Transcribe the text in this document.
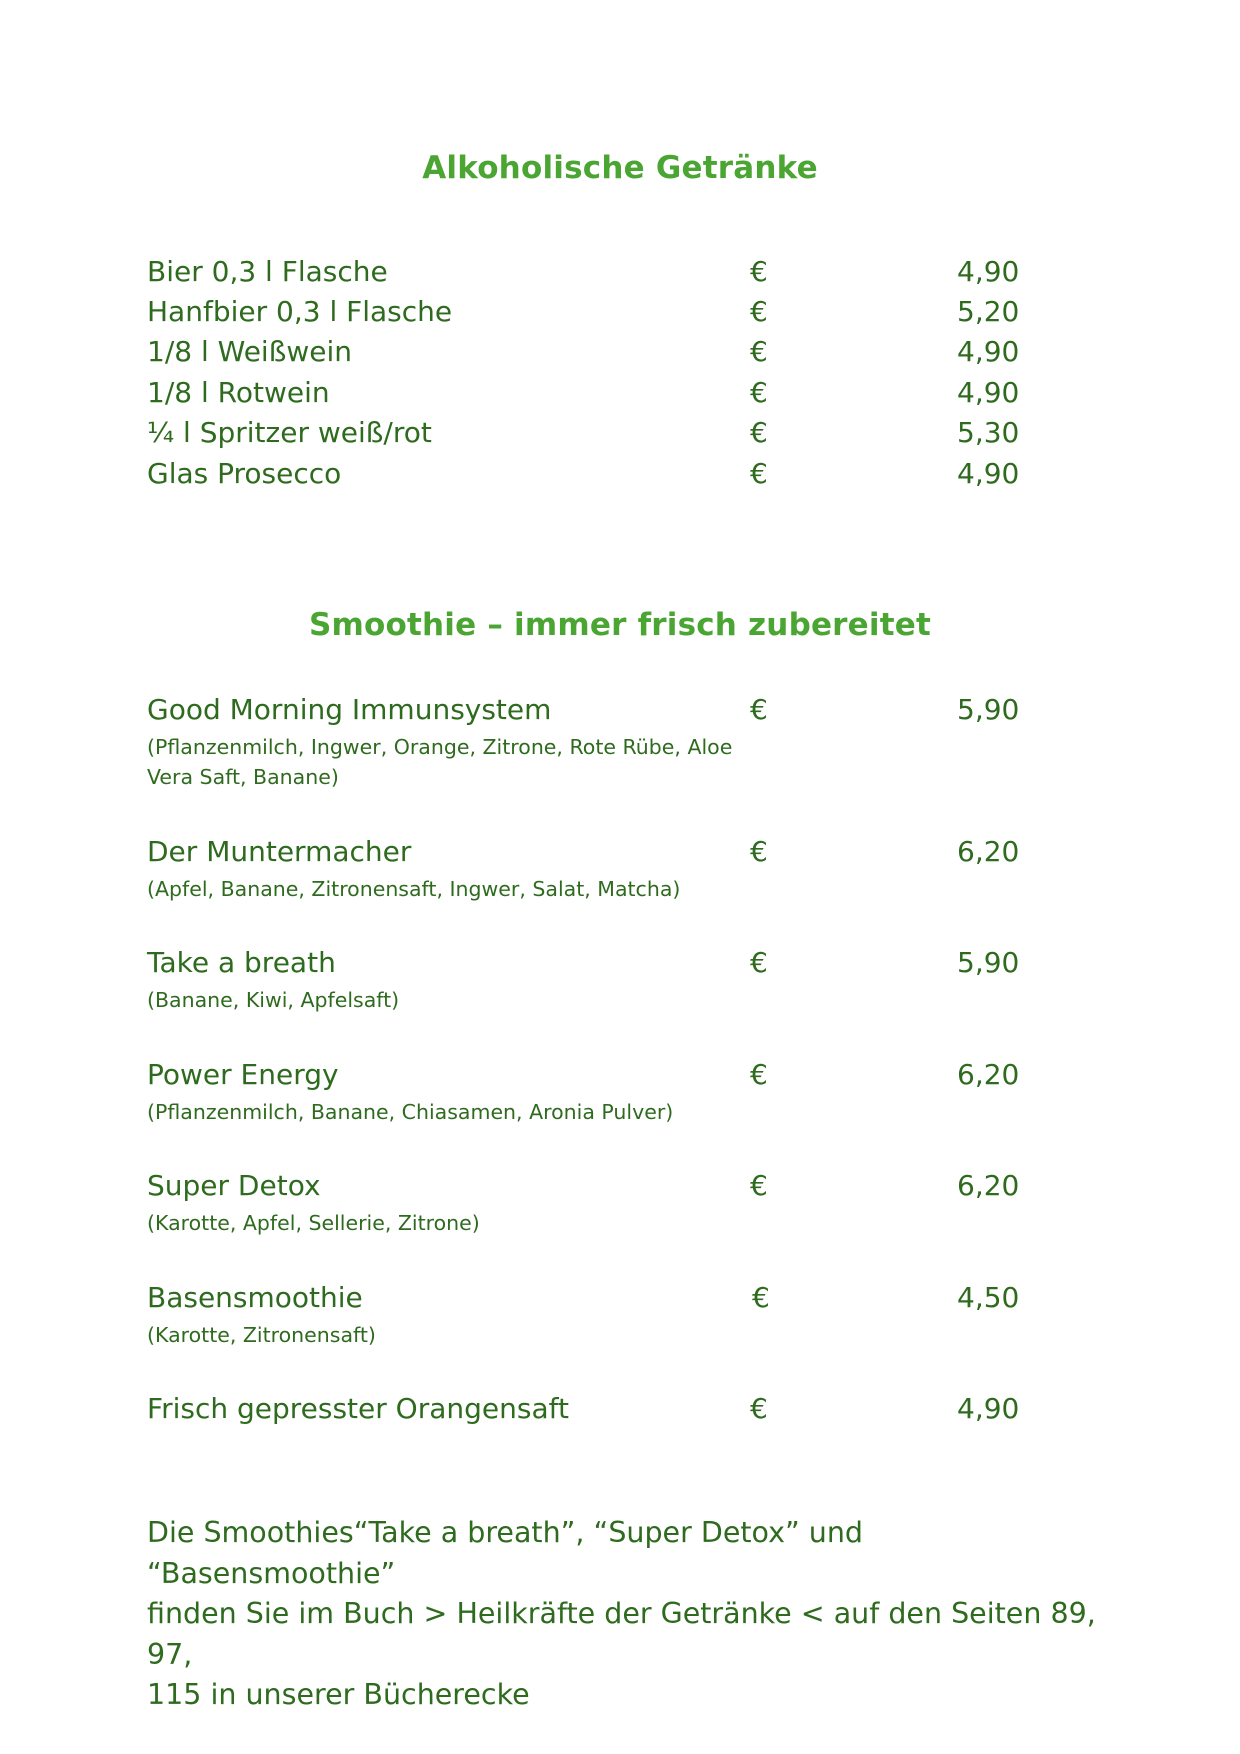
Alkoholische Getränke
Bier 0,3 l Flasche	€	4,90
Hanfbier 0,3 l Flasche	€	5,20
1/8 l Weißwein	€	4,90
1/8 l Rotwein	€	4,90
¼ l Spritzer weiß/rot	€	5,30
Glas Prosecco	€	4,90
Smoothie – immer frisch zubereitet
Good Morning Immunsystem	€	5,90
(Pflanzenmilch, Ingwer, Orange, Zitrone, Rote Rübe, Aloe Vera Saft, Banane)
Der Muntermacher	€	6,20
(Apfel, Banane, Zitronensaft, Ingwer, Salat, Matcha)
Take a breath	€	5,90
(Banane, Kiwi, Apfelsaft)
Power Energy	€	6,20
(Pflanzenmilch, Banane, Chiasamen, Aronia Pulver)
Super Detox	€	6,20
(Karotte, Apfel, Sellerie, Zitrone)
Basensmoothie	€	4,50
(Karotte, Zitronensaft)
Frisch gepresster Orangensaft	€	4,90
Die Smoothies“Take a breath”, “Super Detox” und “Basensmoothie”
finden Sie im Buch > Heilkräfte der Getränke < auf den Seiten 89, 97,
115 in unserer Bücherecke
